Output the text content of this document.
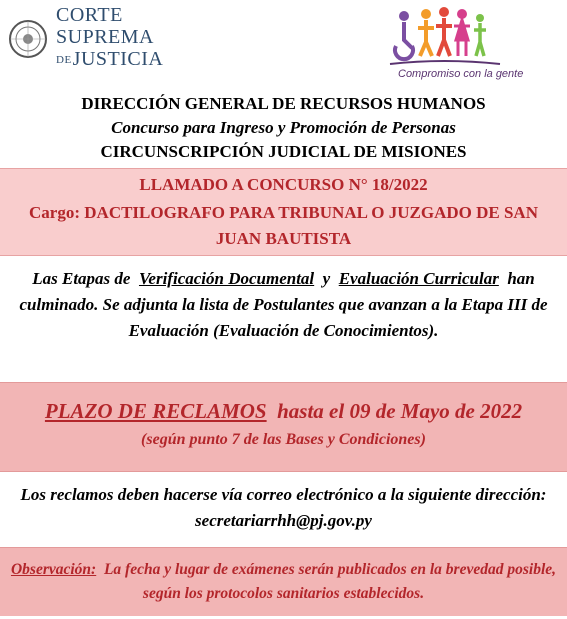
CORTE
SUPREMA
DEJUSTICIA
Compromiso con la gente
DIRECCIÓN GENERAL DE RECURSOS HUMANOS
Concurso para Ingreso y Promoción de Personas
CIRCUNSCRIPCIÓN JUDICIAL DE MISIONES
LLAMADO A CONCURSO N° 18/2022
Cargo: DACTILOGRAFO PARA TRIBUNAL O JUZGADO DE SAN JUAN BAUTISTA
Las Etapas de Verificación Documental y Evaluación Curricular han culminado. Se adjunta la lista de Postulantes que avanzan a la Etapa III de Evaluación (Evaluación de Conocimientos).
PLAZO DE RECLAMOS hasta el 09 de Mayo de 2022
(según punto 7 de las Bases y Condiciones)
Los reclamos deben hacerse vía correo electrónico a la siguiente dirección: secretariarrhh@pj.gov.py
Observación: La fecha y lugar de exámenes serán publicados en la brevedad posible, según los protocolos sanitarios establecidos.
